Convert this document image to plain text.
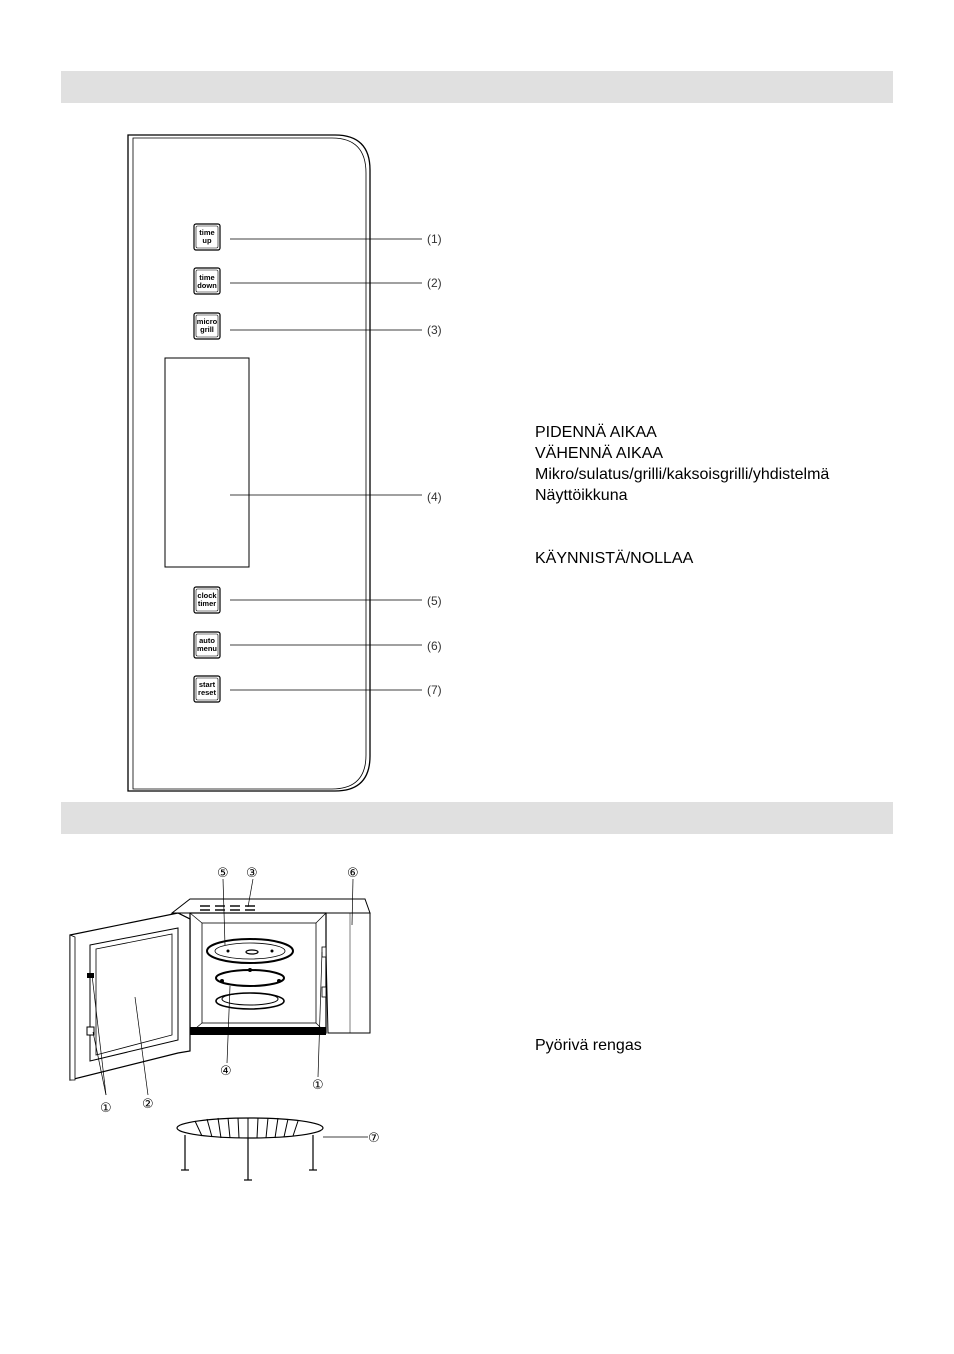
time
up
time
down
micro
grill
clock
timer
auto
menu
start
reset
(1)
(2)
(3)
(4)
(5)
(6)
(7)
PIDENNÄ AIKAA
VÄHENNÄ AIKAA
Mikro/sulatus/grilli/kaksoisgrilli/yhdistelmä
Näyttöikkuna
KÄYNNISTÄ/NOLLAA
⑤ ③	⑥
④
①
① ②
⑦
Pyörivä rengas
